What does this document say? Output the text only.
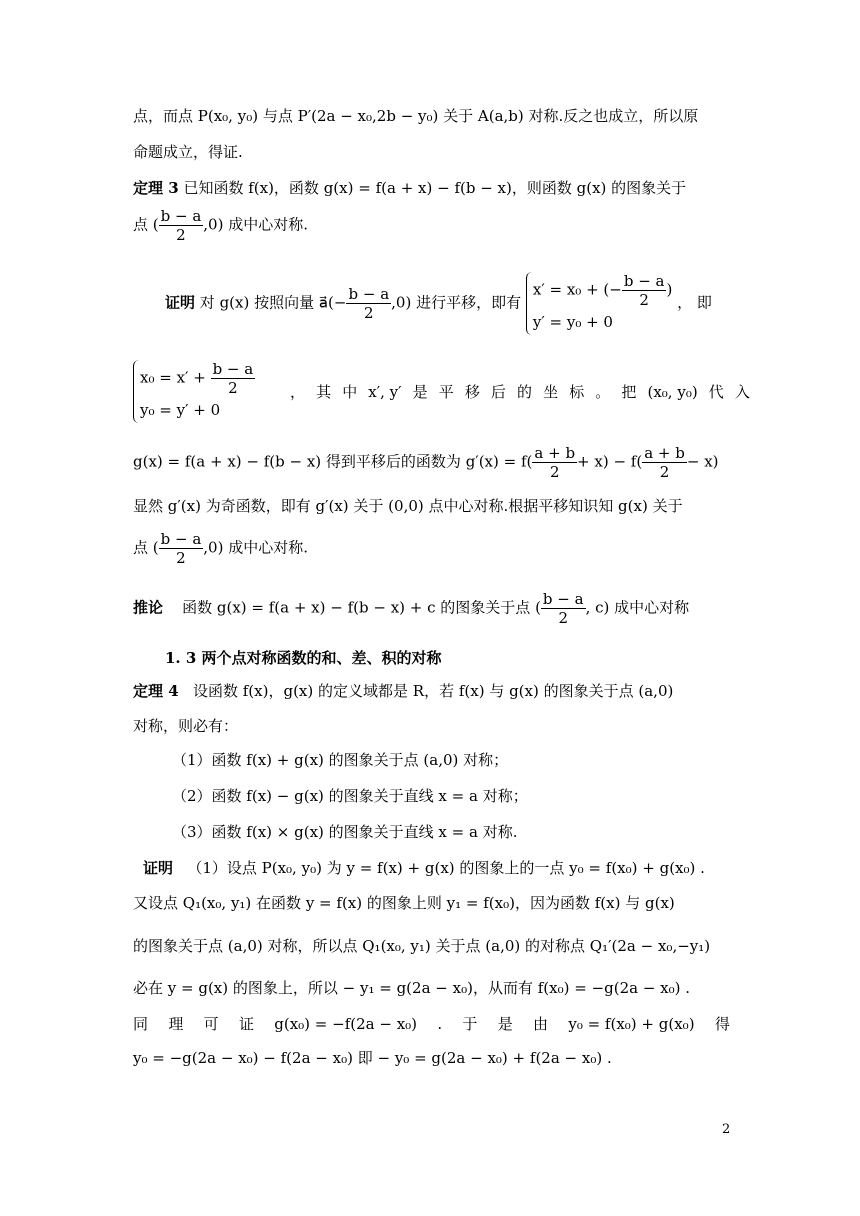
点，而点 P(x₀, y₀) 与点 P′(2a − x₀,2b − y₀) 关于 A(a,b) 对称.反之也成立，所以原
命题成立，得证.
定理 3 已知函数 f(x)，函数 g(x) = f(a + x) − f(b − x)，则函数 g(x) 的图象关于
点 ( $\frac{b - a}{2} ,0$) 成中心对称.
证明 对 g(x) 按照向量 a⃗(− $\frac{b - a}{2} ,0$) 进行平移，即有
x′ = x₀ + (− $\frac{b - a}{2}$ )
y′ = y₀ + 0
， 即
$x_0 = x' + \frac{b - a}{2}$
y₀ = y′ + 0

， 其 中 x′, y′ 是 平 移 后 的 坐 标 。 把 (x₀, y₀) 代 入
g(x) = f(a + x) − f(b − x) 得到平移后的函数为 $g'(x) = f( \frac{a + b}{2} + x) - f( \frac{a + b}{2} - x)$
显然 g′(x) 为奇函数，即有 g′(x) 关于 (0,0) 点中心对称.根据平移知识知 g(x) 关于
点 ( $\frac{b - a}{2} ,0$) 成中心对称.
推论 函数 g(x) = f(a + x) − f(b − x) + c 的图象关于点 ( $\frac{b - a}{2}$ , c) 成中心对称
1. 3 两个点对称函数的和、差、积的对称
定理 4 设函数 f(x)，g(x) 的定义域都是 R，若 f(x) 与 g(x) 的图象关于点 (a,0)
对称，则必有：
（1）函数 f(x) + g(x) 的图象关于点 (a,0) 对称；
（2）函数 f(x) − g(x) 的图象关于直线 x = a 对称；
（3）函数 f(x) × g(x) 的图象关于直线 x = a 对称.
证明 （1）设点 P(x₀, y₀) 为 y = f(x) + g(x) 的图象上的一点 y₀ = f(x₀) + g(x₀) .
又设点 Q₁(x₀, y₁) 在函数 y = f(x) 的图象上则 y₁ = f(x₀)，因为函数 f(x) 与 g(x)
的图象关于点 (a,0) 对称，所以点 Q₁(x₀, y₁) 关于点 (a,0) 的对称点 Q₁′(2a − x₀,−y₁)
必在 y = g(x) 的图象上，所以 − y₁ = g(2a − x₀)，从而有 f(x₀) = −g(2a − x₀) .
同 理 可 证 g(x₀) = −f(2a − x₀) . 于 是 由 y₀ = f(x₀) + g(x₀) 得
y₀ = −g(2a − x₀) − f(2a − x₀) 即 − y₀ = g(2a − x₀) + f(2a − x₀) .
2
